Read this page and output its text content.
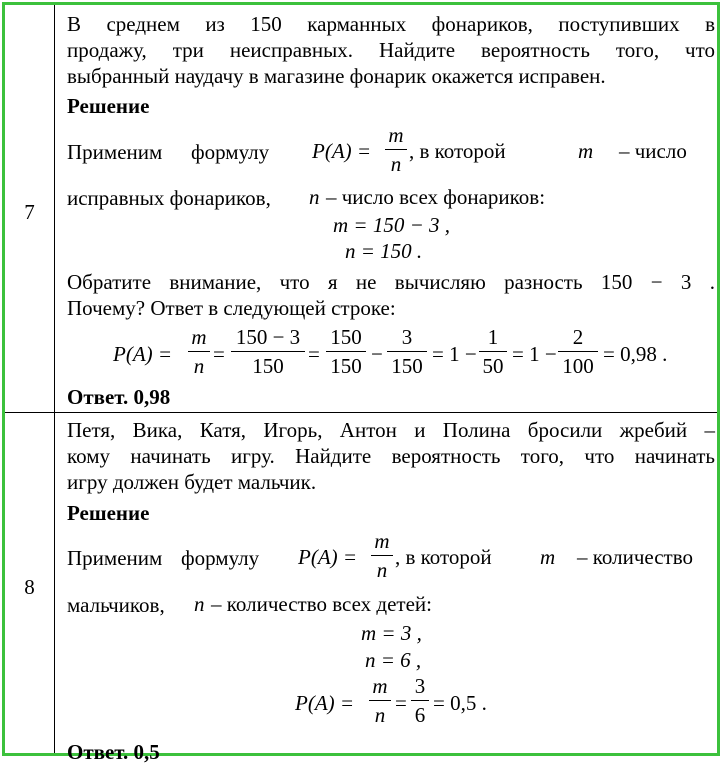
7
В среднем из 150 карманных фонариков, поступивших в
продажу, три неисправных. Найдите вероятность того, что
выбранный наудачу в магазине фонарик окажется исправен.
Решение
Применим формулу P(A) =
m
n
, в которой	m – число
исправных фонариков, n – число всех фонариков:
m = 150 − 3 ,
n = 150 .
Обратите внимание, что я не вычисляю разность 150 − 3 .
Почему? Ответ в следующей строке:
P(A) =
m
n =
150 − 3
150	=
150
150 −
3
150 = 1 −
1
50 = 1 −
2
100 = 0,98 .
Ответ. 0,98
8
Петя, Вика, Катя, Игорь, Антон и Полина бросили жребий –
кому начинать игру. Найдите вероятность того, что начинать
игру должен будет мальчик.
Решение
Применим формулу P(A) =
m
n
, в которой m – количество
мальчиков, n – количество всех детей:
m = 3 ,
n = 6 ,
P(A) =
m
n =
3
6 = 0,5 .
Ответ. 0,5
